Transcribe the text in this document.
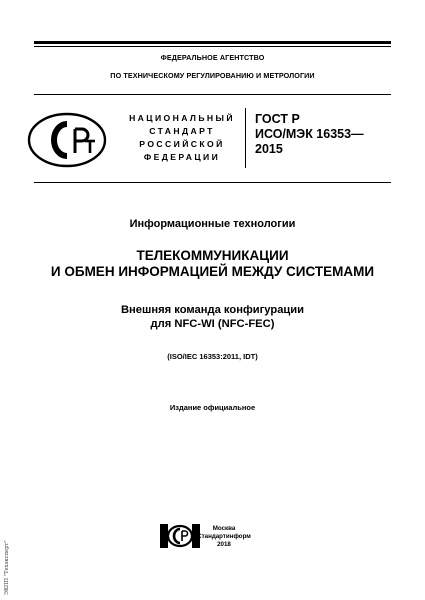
ФЕДЕРАЛЬНОЕ АГЕНТСТВО
ПО ТЕХНИЧЕСКОМУ РЕГУЛИРОВАНИЮ И МЕТРОЛОГИИ
НАЦИОНАЛЬНЫЙ
СТАНДАРТ
РОССИЙСКОЙ
ФЕДЕРАЦИИ
ГОСТ Р
ИСО/МЭК 16353—
2015
Информационные технологии
ТЕЛЕКОММУНИКАЦИИ
И ОБМЕН ИНФОРМАЦИЕЙ МЕЖДУ СИСТЕМАМИ
Внешняя команда конфигурации
для NFC-WI (NFC-FEC)
(ISO/IEC 16353:2011, IDT)
Издание официальное
Москва
Стандартинформ
2018
ЭКПП "Техэксперт"
